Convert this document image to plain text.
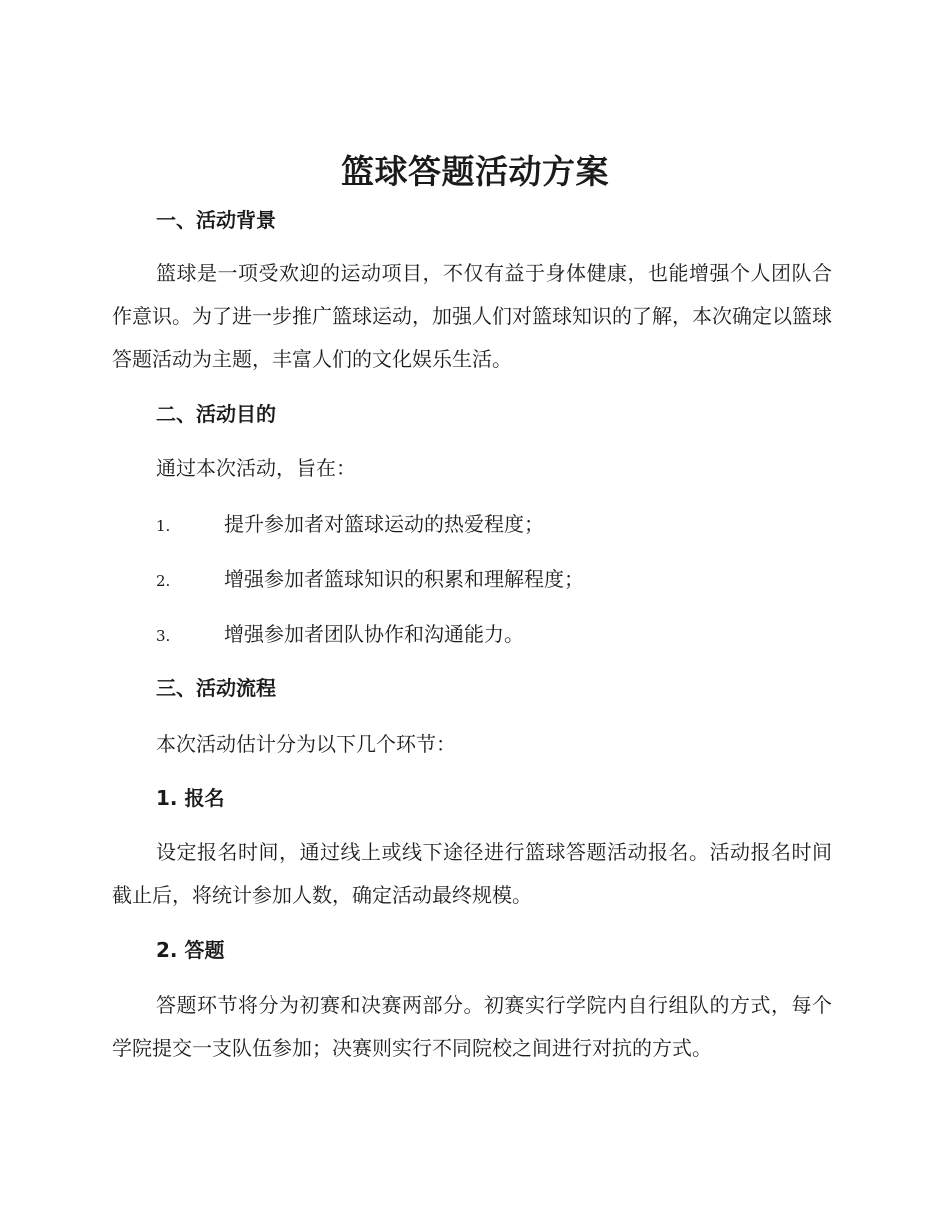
篮球答题活动方案
一、活动背景
篮球是一项受欢迎的运动项目，不仅有益于身体健康，也能增强个人团队合作意识。为了进一步推广篮球运动，加强人们对篮球知识的了解，本次确定以篮球答题活动为主题，丰富人们的文化娱乐生活。
二、活动目的
通过本次活动，旨在：
1.	提升参加者对篮球运动的热爱程度；
2.	增强参加者篮球知识的积累和理解程度；
3.	增强参加者团队协作和沟通能力。
三、活动流程
本次活动估计分为以下几个环节：
1. 报名
设定报名时间，通过线上或线下途径进行篮球答题活动报名。活动报名时间截止后，将统计参加人数，确定活动最终规模。
2. 答题
答题环节将分为初赛和决赛两部分。初赛实行学院内自行组队的方式，每个学院提交一支队伍参加；决赛则实行不同院校之间进行对抗的方式。
